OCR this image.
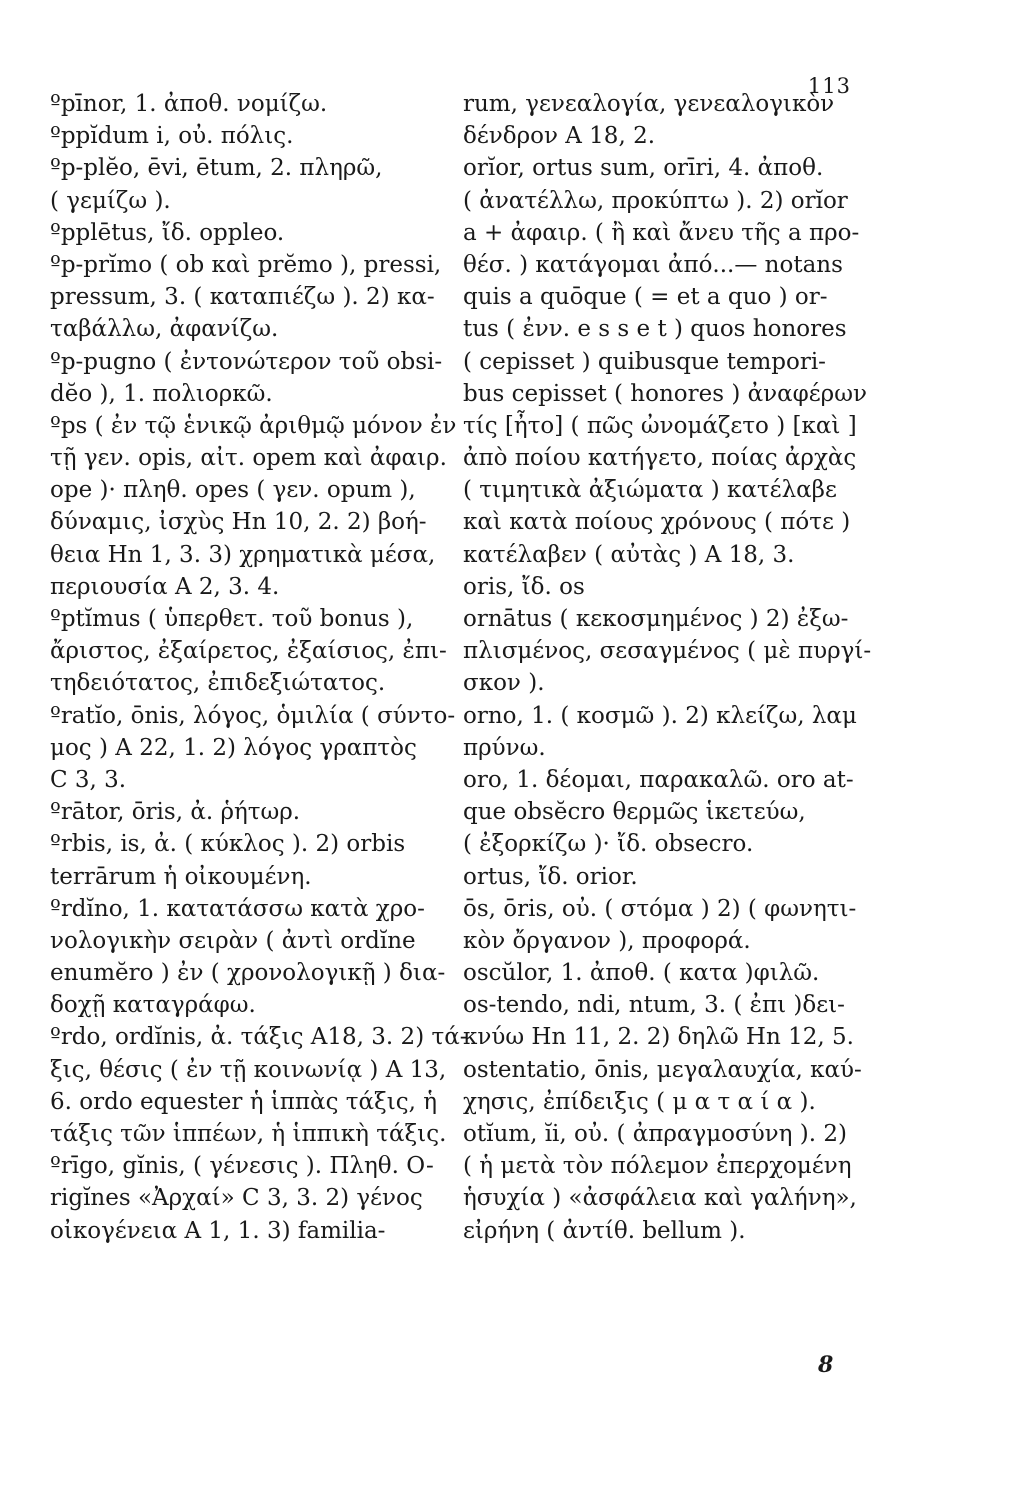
113
ºpīnor, 1. ἀποθ. νομίζω.
ºppĭdum i, οὐ. πόλις.
ºp-plĕo, ēvi, ētum, 2. πληρῶ,
( γεμίζω ).
ºpplētus, ἴδ. oppleo.
ºp-prĭmo ( ob καὶ prĕmo ), pressi,
pressum, 3. ( καταπιέζω ). 2) κα-
ταβάλλω, ἀφανίζω.
ºp-pugno ( ἐντονώτερον τοῦ obsi-
dĕo ), 1. πολιορκῶ.
ºps ( ἐν τῷ ἑνικῷ ἀριθμῷ μόνον ἐν
τῇ γεν. opis, αἰτ. opem καὶ ἀφαιρ.
ope )· πληθ. opes ( γεν. opum ),
δύναμις, ἰσχὺς Hn 10, 2. 2) βοή-
θεια Hn 1, 3. 3) χρηματικὰ μέσα,
περιουσία A 2, 3. 4.
ºptĭmus ( ὑπερθετ. τοῦ bonus ),
ἄριστος, ἐξαίρετος, ἐξαίσιος, ἐπι-
τηδειότατος, ἐπιδεξιώτατος.
ºratĭo, ōnis, λόγος, ὁμιλία ( σύντο-
μος ) A 22, 1. 2) λόγος γραπτὸς
C 3, 3.
ºrātor, ōris, ἀ. ῥήτωρ.
ºrbis, is, ἀ. ( κύκλος ). 2) orbis
terrārum ἡ οἰκουμένη.
ºrdĭno, 1. κατατάσσω κατὰ χρο-
νολογικὴν σειρὰν ( ἀντὶ ordĭne
enumĕro ) ἐν ( χρονολογικῇ ) δια-
δοχῇ καταγράφω.
ºrdo, ordĭnis, ἀ. τάξις A18, 3. 2) τά-
ξις, θέσις ( ἐν τῇ κοινωνίᾳ ) A 13,
6. ordo equester ἡ ἱππὰς τάξις, ἡ
τάξις τῶν ἱππέων, ἡ ἱππικὴ τάξις.
ºrīgo, gĭnis, ( γένεσις ). Πληθ. O-
rigĭnes «Ἀρχαί» C 3, 3. 2) γένος
οἰκογένεια A 1, 1. 3) familia-
rum, γενεαλογία, γενεαλογικὸν
δένδρον A 18, 2.
orĭor, ortus sum, orīri, 4. ἀποθ.
( ἀνατέλλω, προκύπτω ). 2) orĭor
a + ἀφαιρ. ( ἢ καὶ ἄνευ τῆς a προ-
θέσ. ) κατάγομαι ἀπό...— notans
quis a quōque ( = et a quo ) or-
tus ( ἐνν. e s s e t ) quos honores
( cepisset ) quibusque tempori-
bus cepisset ( honores ) ἀναφέρων
τίς [ἦτο] ( πῶς ὠνομάζετο ) [καὶ ]
ἀπὸ ποίου κατήγετο, ποίας ἀρχὰς
( τιμητικὰ ἀξιώματα ) κατέλαβε
καὶ κατὰ ποίους χρόνους ( πότε )
κατέλαβεν ( αὐτὰς ) A 18, 3.
oris, ἴδ. os
ornātus ( κεκοσμημένος ) 2) ἐξω-
πλισμένος, σεσαγμένος ( μὲ πυργί-
σκον ).
orno, 1. ( κοσμῶ ). 2) κλείζω, λαμ
πρύνω.
oro, 1. δέομαι, παρακαλῶ. oro at-
que obsĕcro θερμῶς ἱκετεύω,
( ἐξορκίζω )· ἴδ. obsecro.
ortus, ἴδ. orior.
ōs, ōris, οὐ. ( στόμα ) 2) ( φωνητι-
κὸν ὄργανον ), προφορά.
oscŭlor, 1. ἀποθ. ( κατα )φιλῶ.
os-tendo, ndi, ntum, 3. ( ἐπι )δει-
κνύω Hn 11, 2. 2) δηλῶ Hn 12, 5.
ostentatio, ōnis, μεγαλαυχία, καύ-
χησις, ἐπίδειξις ( μ α τ α ί α ).
otĭum, ĭi, οὐ. ( ἀπραγμοσύνη ). 2)
( ἡ μετὰ τὸν πόλεμον ἐπερχομένη
ἡσυχία ) «ἀσφάλεια καὶ γαλήνη»,
εἰρήνη ( ἀντίθ. bellum ).
8
